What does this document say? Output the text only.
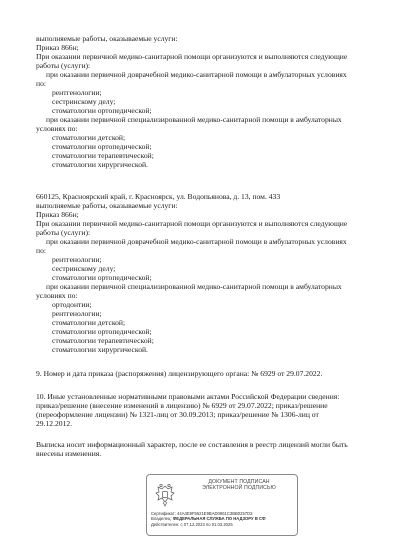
выполняемые работы, оказываемые услуги:
Приказ 866н;
При оказании первичной медико-санитарной помощи организуются и выполняются следующие
работы (услуги):
при оказании первичной доврачебной медико-санитарной помощи в амбулаторных условиях
по:
рентгенологии;
сестринскому делу;
стоматологии ортопедической;
при оказании первичной специализированной медико-санитарной помощи в амбулаторных
условиях по:
стоматологии детской;
стоматологии ортопедической;
стоматологии терапевтической;
стоматологии хирургической.
660125, Красноярский край, г. Красноярск, ул. Водопьянова, д. 13, пом. 433
выполняемые работы, оказываемые услуги:
Приказ 866н;
При оказании первичной медико-санитарной помощи организуются и выполняются следующие
работы (услуги):
при оказании первичной доврачебной медико-санитарной помощи в амбулаторных условиях
по:
рентгенологии;
сестринскому делу;
стоматологии ортопедической;
при оказании первичной специализированной медико-санитарной помощи в амбулаторных
условиях по:
ортодонтии;
рентгенологии;
стоматологии детской;
стоматологии ортопедической;
стоматологии терапевтической;
стоматологии хирургической.
9. Номер и дата приказа (распоряжения) лицензирующего органа: № 6929 от 29.07.2022.
10. Иные установленные нормативными правовыми актами Российской Федерации сведения:
приказ/решение (внесение изменений в лицензию) № 6929 от 29.07.2022; приказ/решение
(переоформление лицензии) № 1321-лиц от 30.09.2013; приказ/решение № 1306-лиц от
29.12.2012.
Выписка носит информационный характер, после ее составления в реестр лицензий могли быть
внесены изменения.
ДОКУМЕНТ ПОДПИСАН
ЭЛЕКТРОННОЙ ПОДПИСЬЮ
Сертификат: 44A3E9F5521E9BAD0861C3BB0257D3
Владелец: ФЕДЕРАЛЬНАЯ СЛУЖБА ПО НАДЗОРУ В СФ
Действителен: с 07.12.2023 по 01.03.2025
